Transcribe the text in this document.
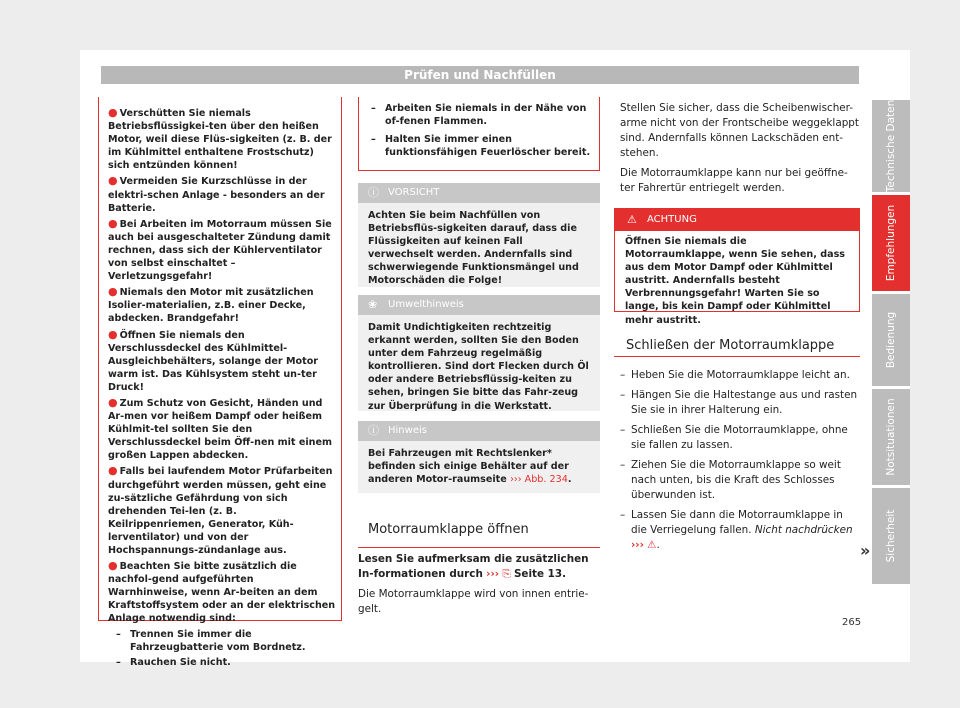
Prüfen und Nachfüllen
● Verschütten Sie niemals Betriebsflüssigkei-ten über den heißen Motor, weil diese Flüs-sigkeiten (z. B. der im Kühlmittel enthaltene Frostschutz) sich entzünden können!
● Vermeiden Sie Kurzschlüsse in der elektri-schen Anlage - besonders an der Batterie.
● Bei Arbeiten im Motorraum müssen Sie auch bei ausgeschalteter Zündung damit rechnen, dass sich der Kühlerventilator von selbst einschaltet – Verletzungsgefahr!
● Niemals den Motor mit zusätzlichen Isolier-materialien, z.B. einer Decke, abdecken. Brandgefahr!
● Öffnen Sie niemals den Verschlussdeckel des Kühlmittel-Ausgleichbehälters, solange der Motor warm ist. Das Kühlsystem steht un-ter Druck!
● Zum Schutz von Gesicht, Händen und Ar-men vor heißem Dampf oder heißem Kühlmit-tel sollten Sie den Verschlussdeckel beim Öff-nen mit einem großen Lappen abdecken.
● Falls bei laufendem Motor Prüfarbeiten durchgeführt werden müssen, geht eine zu-sätzliche Gefährdung von sich drehenden Tei-len (z. B. Keilrippenriemen, Generator, Küh-lerventilator) und von der Hochspannungs-zündanlage aus.
● Beachten Sie bitte zusätzlich die nachfol-gend aufgeführten Warnhinweise, wenn Ar-beiten an dem Kraftstoffsystem oder an der elektrischen Anlage notwendig sind:
– Trennen Sie immer die Fahrzeugbatterie vom Bordnetz.
– Rauchen Sie nicht.
– Arbeiten Sie niemals in der Nähe von of-fenen Flammen.
– Halten Sie immer einen funktionsfähigen Feuerlöscher bereit.
ⓘ VORSICHT
Achten Sie beim Nachfüllen von Betriebsflüs-sigkeiten darauf, dass die Flüssigkeiten auf keinen Fall verwechselt werden. Andernfalls sind schwerwiegende Funktionsmängel und Motorschäden die Folge!
❀ Umwelthinweis
Damit Undichtigkeiten rechtzeitig erkannt werden, sollten Sie den Boden unter dem Fahrzeug regelmäßig kontrollieren. Sind dort Flecken durch Öl oder andere Betriebsflüssig-keiten zu sehen, bringen Sie bitte das Fahr-zeug zur Überprüfung in die Werkstatt.
ⓘ Hinweis
Bei Fahrzeugen mit Rechtslenker* befinden sich einige Behälter auf der anderen Motor-raumseite ››› Abb. 234.
Motorraumklappe öffnen
Lesen Sie aufmerksam die zusätzlichen In-formationen durch ››› ⎘ Seite 13.
Die Motorraumklappe wird von innen entrie-gelt.
Stellen Sie sicher, dass die Scheibenwischer-arme nicht von der Frontscheibe weggeklappt sind. Andernfalls können Lackschäden ent-stehen.
Die Motorraumklappe kann nur bei geöffne-ter Fahrertür entriegelt werden.
⚠ ACHTUNG
Öffnen Sie niemals die Motorraumklappe, wenn Sie sehen, dass aus dem Motor Dampf oder Kühlmittel austritt. Andernfalls besteht Verbrennungsgefahr! Warten Sie so lange, bis kein Dampf oder Kühlmittel mehr austritt.
Schließen der Motorraumklappe
– Heben Sie die Motorraumklappe leicht an.
– Hängen Sie die Haltestange aus und rasten Sie sie in ihrer Halterung ein.
– Schließen Sie die Motorraumklappe, ohne sie fallen zu lassen.
– Ziehen Sie die Motorraumklappe so weit nach unten, bis die Kraft des Schlosses überwunden ist.
– Lassen Sie dann die Motorraumklappe in die Verriegelung fallen. Nicht nachdrücken
››› ⚠.	»
265
Technische Daten
Empfehlungen
Bedienung
Notsituationen
Sicherheit
